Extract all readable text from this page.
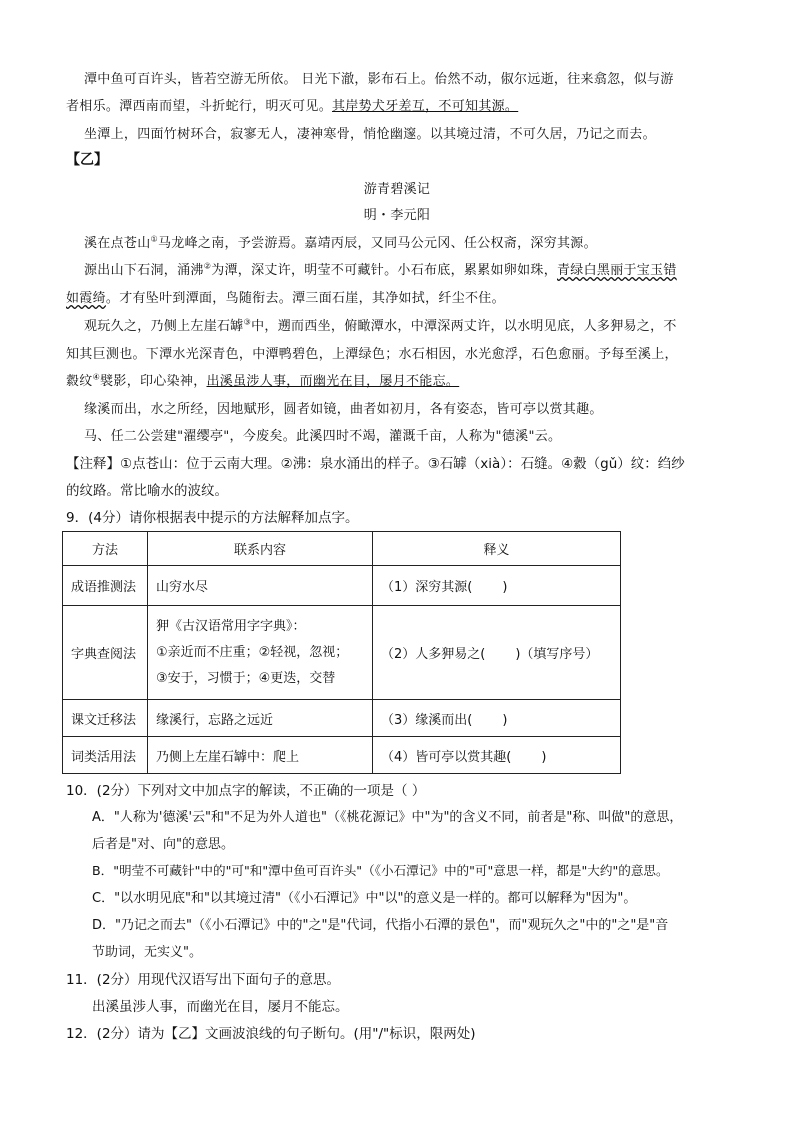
潭中鱼可百许头，皆若空游无所依。 日光下澈，影布石上。佁然不动，俶尔远逝，往来翕忽，似与游
者相乐。潭西南而望，斗折蛇行，明灭可见。其岸势犬牙差互，不可知其源。
坐潭上，四面竹树环合，寂寥无人，凄神寒骨，悄怆幽邃。以其境过清，不可久居，乃记之而去。
【乙】
游青碧溪记
明・李元阳
溪在点苍山①马龙峰之南，予尝游焉。嘉靖丙辰，又同马公元冈、任公权斋，深穷其源。
源出山下石洞，涌沸②为潭，深丈许，明莹不可藏针。小石布底，累累如卵如珠，青绿白黑丽于宝玉错
如霞绮。才有坠叶到潭面，鸟随衔去。潭三面石崖，其净如拭，纤尘不住。
观玩久之，乃侧上左崖石罅③中，遡而西坐，俯瞰潭水，中潭深两丈许，以水明见底，人多狎易之，不
知其巨测也。下潭水光深青色，中潭鸭碧色，上潭绿色；水石相因，水光愈浮，石色愈丽。予每至溪上，
縠纹④襞影，印心染神，出溪虽涉人事，而幽光在目，屡月不能忘。
缘溪而出，水之所经，因地赋形，圆者如镜，曲者如初月，各有姿态，皆可亭以赏其趣。
马、任二公尝建"濯缨亭"，今废矣。此溪四时不竭，灌溉千亩，人称为"德溪"云。
【注释】①点苍山：位于云南大理。②沸：泉水涌出的样子。③石罅（xià）：石缝。④縠（gǔ）纹：绉纱
的纹路。常比喻水的波纹。
9．(4分）请你根据表中提示的方法解释加点字。
方法	联系内容	释义
成语推测法	山穷水尽	（1）深穷其源( )
字典查阅法	狎《古汉语常用字字典》：
①亲近而不庄重；②轻视，忽视；
③安于，习惯于；④更迭，交替	（2）人多狎易之( )（填写序号）
课文迁移法	缘溪行，忘路之远近	（3）缘溪而出( )
词类活用法	乃侧上左崖石罅中：爬上	（4）皆可亭以赏其趣( )
10．(2分）下列对文中加点字的解读，不正确的一项是（ ）
A．"人称为'德溪'云"和"不足为外人道也"（《桃花源记》中"为"的含义不同，前者是"称、叫做"的意思，
后者是"对、向"的意思。
B．"明莹不可藏针"中的"可"和"潭中鱼可百许头"（《小石潭记》中的"可"意思一样，都是"大约"的意思。
C．"以水明见底"和"以其境过清"（《小石潭记》中"以"的意义是一样的。都可以解释为"因为"。
D．"乃记之而去"（《小石潭记》中的"之"是"代词，代指小石潭的景色"，而"观玩久之"中的"之"是"音
节助词，无实义"。
11．(2分）用现代汉语写出下面句子的意思。
出溪虽涉人事，而幽光在目，屡月不能忘。
12．(2分）请为【乙】文画波浪线的句子断句。(用"/"标识，限两处)
